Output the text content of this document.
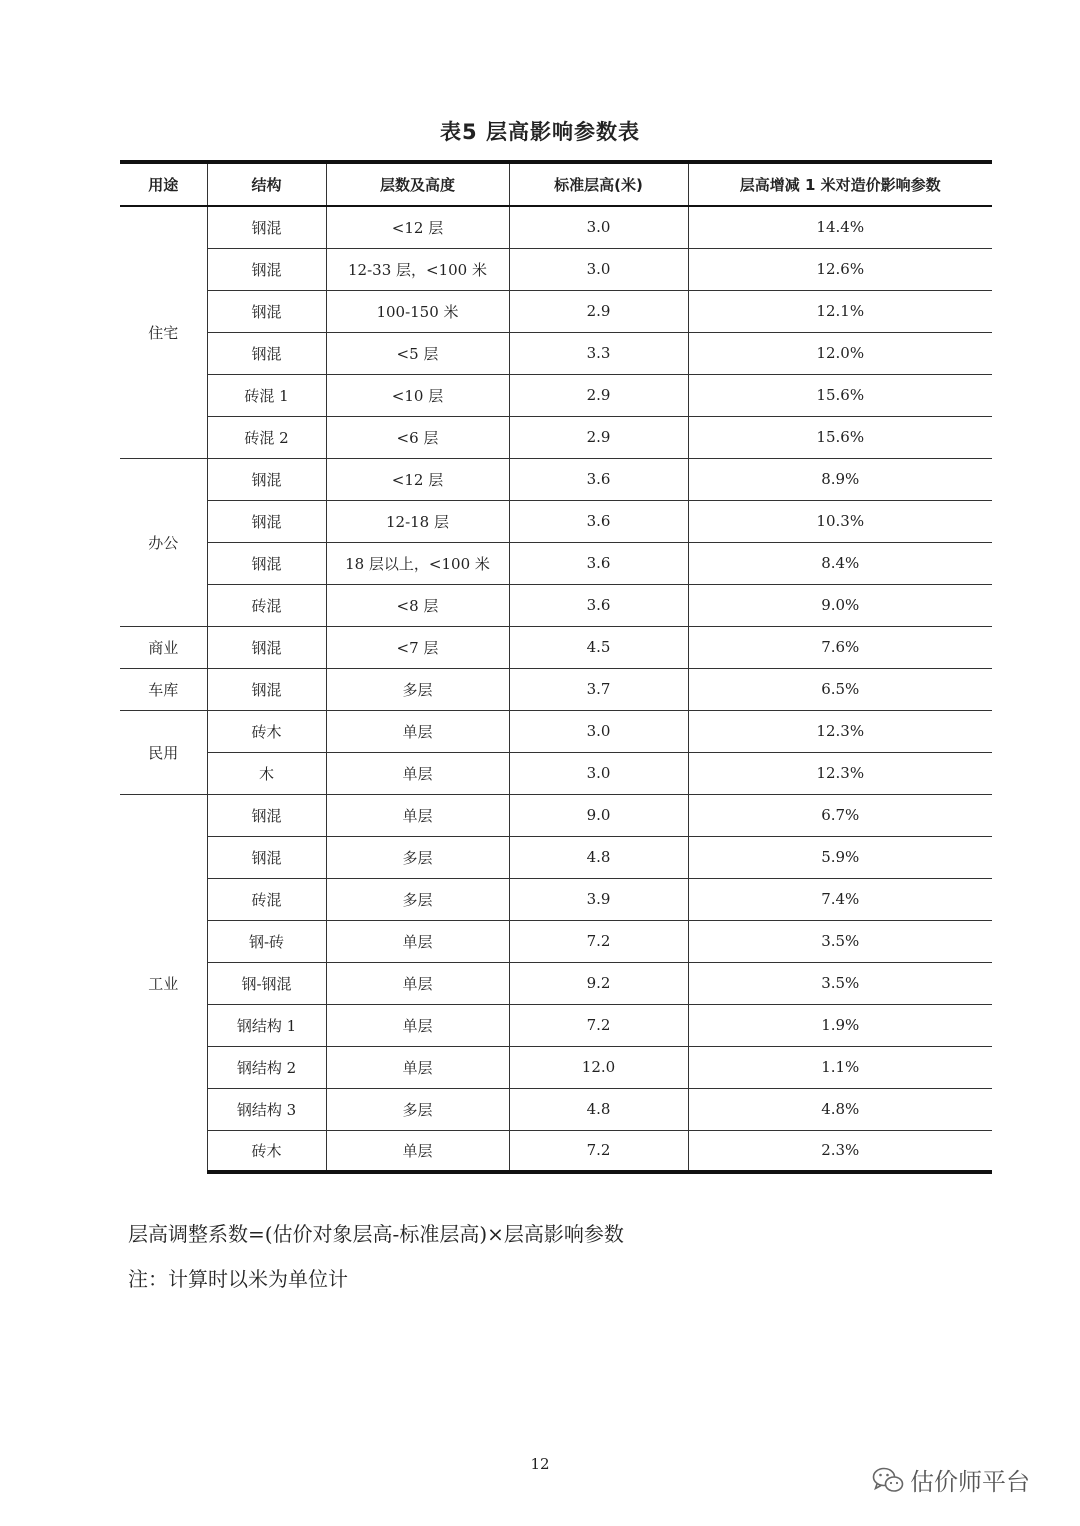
表5 层高影响参数表
用途	结构	层数及高度	标准层高(米)	层高增减 1 米对造价影响参数
住宅	钢混	<12 层	3.0	14.4%
	钢混	12-33 层，<100 米	3.0	12.6%
	钢混	100-150 米	2.9	12.1%
	钢混	<5 层	3.3	12.0%
	砖混 1	<10 层	2.9	15.6%
	砖混 2	<6 层	2.9	15.6%
办公	钢混	<12 层	3.6	8.9%
	钢混	12-18 层	3.6	10.3%
	钢混	18 层以上，<100 米	3.6	8.4%
	砖混	<8 层	3.6	9.0%
商业	钢混	<7 层	4.5	7.6%
车库	钢混	多层	3.7	6.5%
民用	砖木	单层	3.0	12.3%
	木	单层	3.0	12.3%
工业	钢混	单层	9.0	6.7%
	钢混	多层	4.8	5.9%
	砖混	多层	3.9	7.4%
	钢-砖	单层	7.2	3.5%
	钢-钢混	单层	9.2	3.5%
	钢结构 1	单层	7.2	1.9%
	钢结构 2	单层	12.0	1.1%
	钢结构 3	多层	4.8	4.8%
	砖木	单层	7.2	2.3%
层高调整系数=(估价对象层高-标准层高)×层高影响参数
注：计算时以米为单位计
12
估价师平台
